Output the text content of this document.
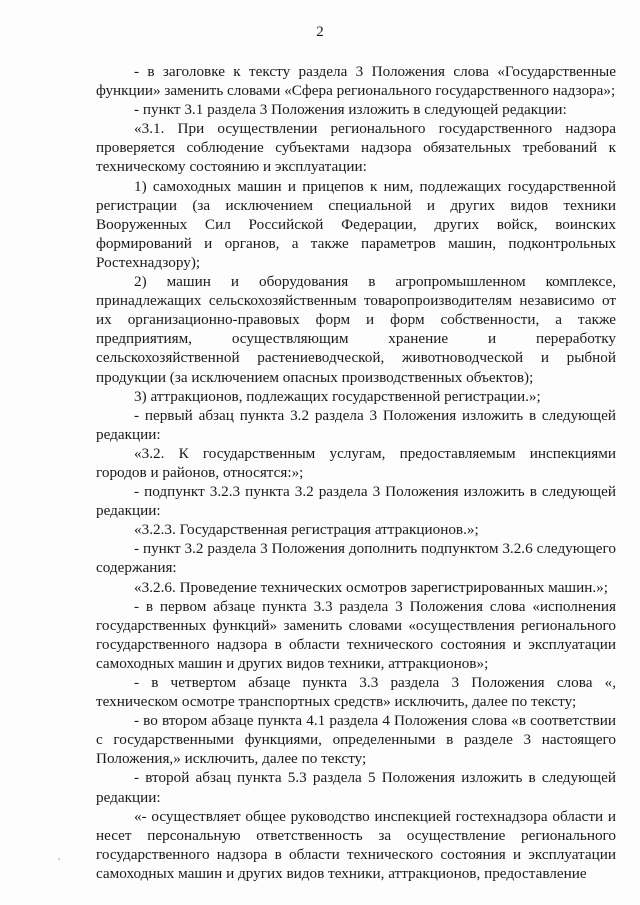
2

- в заголовке к тексту раздела 3 Положения слова «Государственные функции» заменить словами «Сфера регионального государственного надзора»;

- пункт 3.1 раздела 3 Положения изложить в следующей редакции:

«3.1. При осуществлении регионального государственного надзора проверяется соблюдение субъектами надзора обязательных требований к техническому состоянию и эксплуатации:

1) самоходных машин и прицепов к ним, подлежащих государственной регистрации (за исключением специальной и других видов техники Вооруженных Сил Российской Федерации, других войск, воинских формирований и органов, а также параметров машин, подконтрольных Ростехнадзору);

2) машин и оборудования в агропромышленном комплексе, принадлежащих сельскохозяйственным товаропроизводителям независимо от их организационно-правовых форм и форм собственности, а также предприятиям, осуществляющим хранение и переработку сельскохозяйственной растениеводческой, животноводческой и рыбной продукции (за исключением опасных производственных объектов);

3) аттракционов, подлежащих государственной регистрации.»;

- первый абзац пункта 3.2 раздела 3 Положения изложить в следующей редакции:

«3.2. К государственным услугам, предоставляемым инспекциями городов и районов, относятся:»;

- подпункт 3.2.3 пункта 3.2 раздела 3 Положения изложить в следующей редакции:

«3.2.3. Государственная регистрация аттракционов.»;

- пункт 3.2 раздела 3 Положения дополнить подпунктом 3.2.6 следующего содержания:

«3.2.6. Проведение технических осмотров зарегистрированных машин.»;

- в первом абзаце пункта 3.3 раздела 3 Положения слова «исполнения государственных функций» заменить словами «осуществления регионального государственного надзора в области технического состояния и эксплуатации самоходных машин и других видов техники, аттракционов»;

- в четвертом абзаце пункта 3.3 раздела 3 Положения слова «, техническом осмотре транспортных средств» исключить, далее по тексту;

- во втором абзаце пункта 4.1 раздела 4 Положения слова «в соответствии с государственными функциями, определенными в разделе 3 настоящего Положения,» исключить, далее по тексту;

- второй абзац пункта 5.3 раздела 5 Положения изложить в следующей редакции:

«- осуществляет общее руководство инспекцией гостехнадзора области и несет персональную ответственность за осуществление регионального государственного надзора в области технического состояния и эксплуатации самоходных машин и других видов техники, аттракционов, предоставление
